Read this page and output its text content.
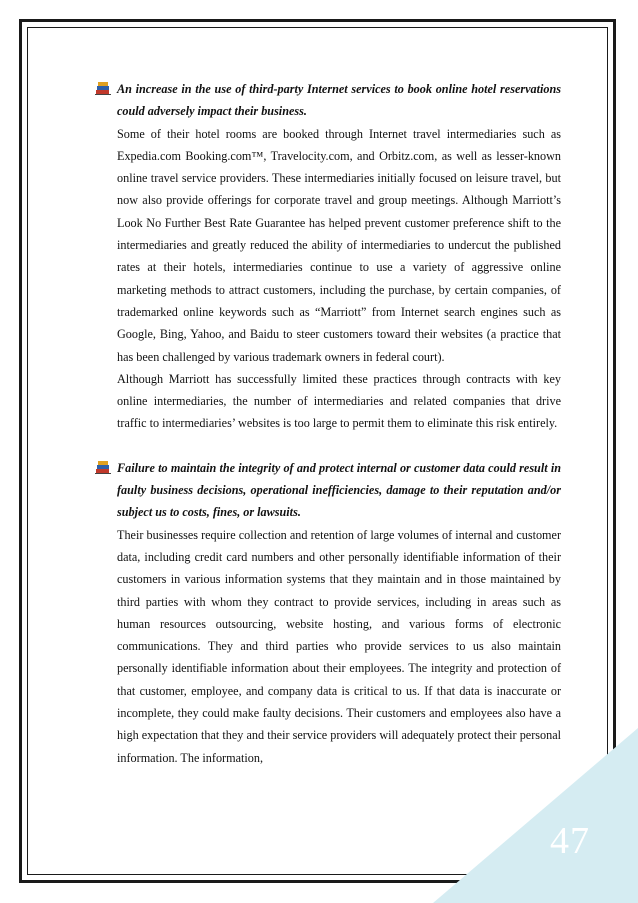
47

An increase in the use of third-party Internet services to book online hotel reservations could adversely impact their business.

Some of their hotel rooms are booked through Internet travel intermediaries such as Expedia.com Booking.com™, Travelocity.com, and Orbitz.com, as well as lesser-known online travel service providers. These intermediaries initially focused on leisure travel, but now also provide offerings for corporate travel and group meetings. Although Marriott’s Look No Further Best Rate Guarantee has helped prevent customer preference shift to the intermediaries and greatly reduced the ability of intermediaries to undercut the published rates at their hotels, intermediaries continue to use a variety of aggressive online marketing methods to attract customers, including the purchase, by certain companies, of trademarked online keywords such as “Marriott” from Internet search engines such as Google, Bing, Yahoo, and Baidu to steer customers toward their websites (a practice that has been challenged by various trademark owners in federal court).

Although Marriott has successfully limited these practices through contracts with key online intermediaries, the number of intermediaries and related companies that drive traffic to intermediaries’ websites is too large to permit them to eliminate this risk entirely.

Failure to maintain the integrity of and protect internal or customer data could result in faulty business decisions, operational inefficiencies, damage to their reputation and/or subject us to costs, fines, or lawsuits.

Their businesses require collection and retention of large volumes of internal and customer data, including credit card numbers and other personally identifiable information of their customers in various information systems that they maintain and in those maintained by third parties with whom they contract to provide services, including in areas such as human resources outsourcing, website hosting, and various forms of electronic communications. They and third parties who provide services to us also maintain personally identifiable information about their employees. The integrity and protection of that customer, employee, and company data is critical to us. If that data is inaccurate or incomplete, they could make faulty decisions. Their customers and employees also have a high expectation that they and their service providers will adequately protect their personal information. The information,
